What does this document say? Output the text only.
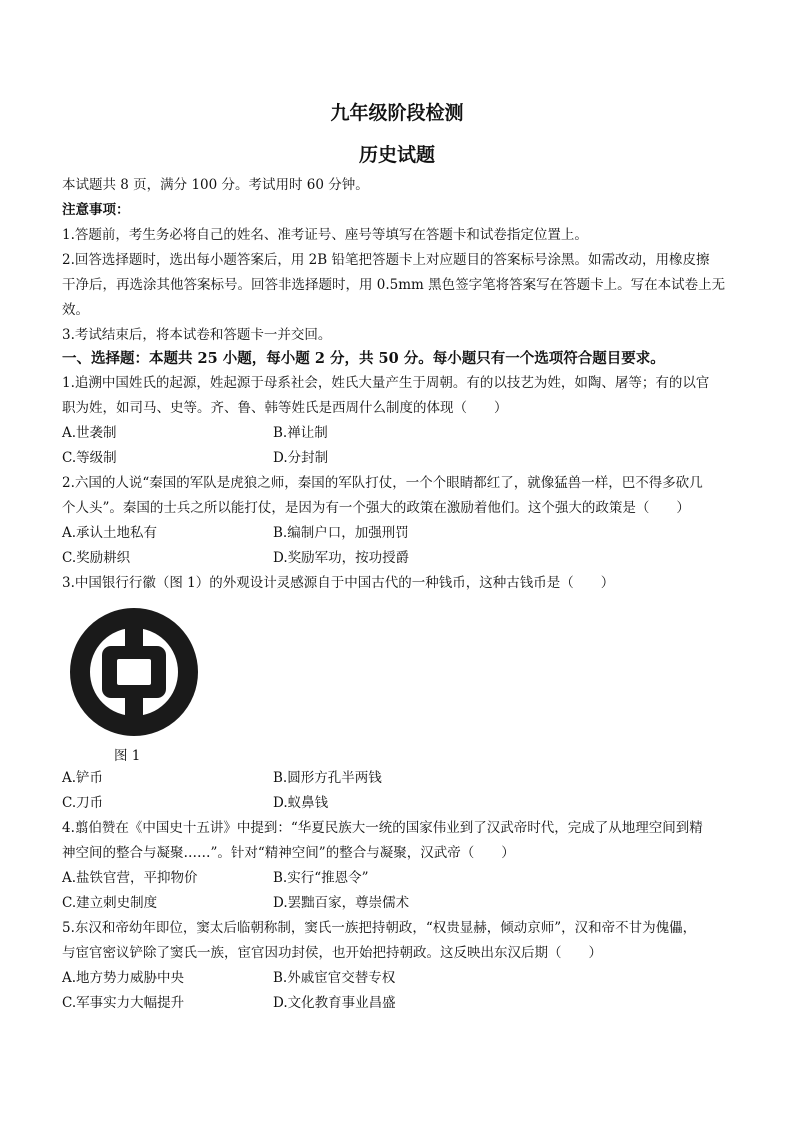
九年级阶段检测
历史试题
本试题共 8 页，满分 100 分。考试用时 60 分钟。
注意事项：
1.答题前，考生务必将自己的姓名、准考证号、座号等填写在答题卡和试卷指定位置上。
2.回答选择题时，选出每小题答案后，用 2B 铅笔把答题卡上对应题目的答案标号涂黑。如需改动，用橡皮擦
干净后，再选涂其他答案标号。回答非选择题时，用 0.5mm 黑色签字笔将答案写在答题卡上。写在本试卷上无
效。
3.考试结束后，将本试卷和答题卡一并交回。
一、选择题：本题共 25 小题，每小题 2 分，共 50 分。每小题只有一个选项符合题目要求。
1.追溯中国姓氏的起源，姓起源于母系社会，姓氏大量产生于周朝。有的以技艺为姓，如陶、屠等；有的以官
职为姓，如司马、史等。齐、鲁、韩等姓氏是西周什么制度的体现（　　）
A.世袭制	B.禅让制
C.等级制	D.分封制
2.六国的人说“秦国的军队是虎狼之师，秦国的军队打仗，一个个眼睛都红了，就像猛兽一样，巴不得多砍几
个人头”。秦国的士兵之所以能打仗，是因为有一个强大的政策在激励着他们。这个强大的政策是（　　）
A.承认土地私有	B.编制户口，加强刑罚
C.奖励耕织	D.奖励军功，按功授爵
3.中国银行行徽（图 1）的外观设计灵感源自于中国古代的一种钱币，这种古钱币是（　　）
图 1
A.铲币	B.圆形方孔半两钱
C.刀币	D.蚁鼻钱
4.翦伯赞在《中国史十五讲》中提到：“华夏民族大一统的国家伟业到了汉武帝时代，完成了从地理空间到精
神空间的整合与凝聚……”。针对“精神空间”的整合与凝聚，汉武帝（　　）
A.盐铁官营，平抑物价	B.实行“推恩令”
C.建立刺史制度	D.罢黜百家，尊崇儒术
5.东汉和帝幼年即位，窦太后临朝称制，窦氏一族把持朝政，“权贵显赫，倾动京师”，汉和帝不甘为傀儡，
与宦官密议铲除了窦氏一族，宦官因功封侯，也开始把持朝政。这反映出东汉后期（　　）
A.地方势力威胁中央	B.外戚宦官交替专权
C.军事实力大幅提升	D.文化教育事业昌盛
